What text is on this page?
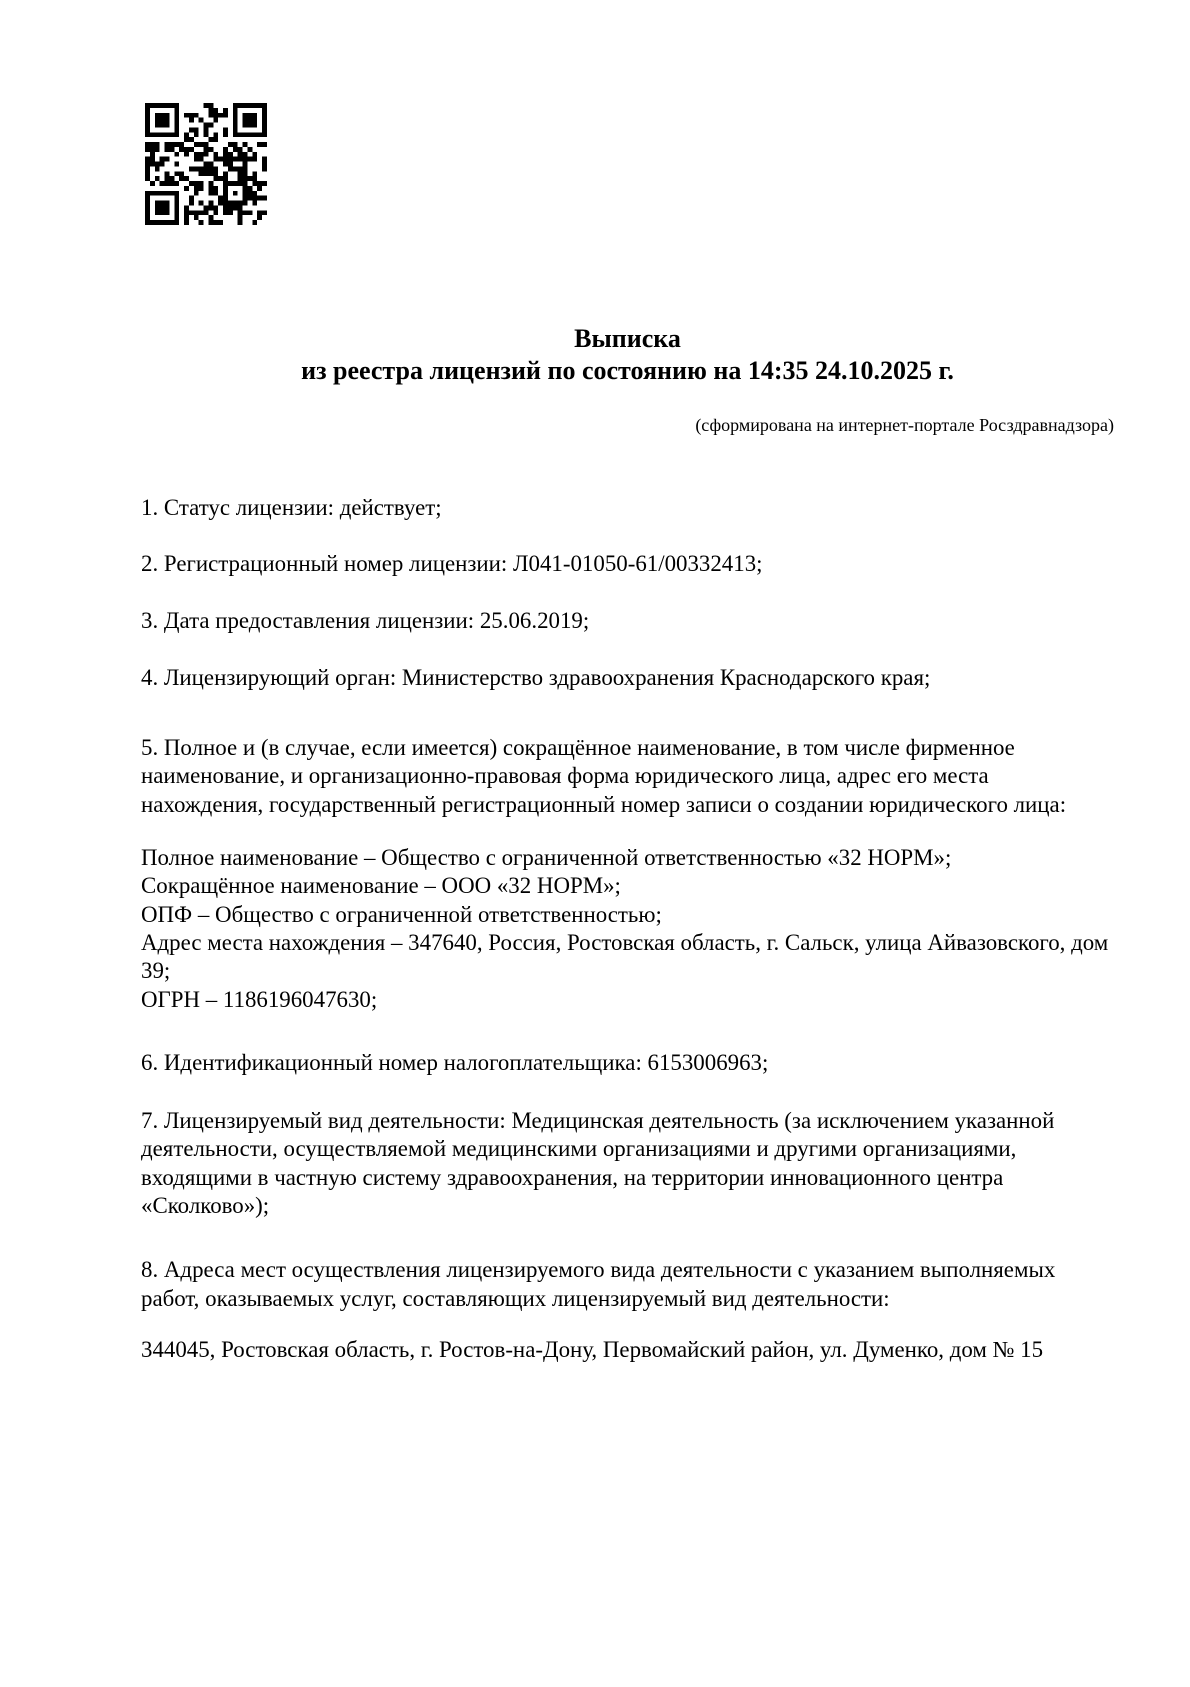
Выписка
из реестра лицензий по состоянию на 14:35 24.10.2025 г.
(сформирована на интернет-портале Росздравнадзора)

1. Статус лицензии: действует;

2. Регистрационный номер лицензии: Л041-01050-61/00332413;

3. Дата предоставления лицензии: 25.06.2019;

4. Лицензирующий орган: Министерство здравоохранения Краснодарского края;

5. Полное и (в случае, если имеется) сокращённое наименование, в том числе фирменное наименование, и организационно-правовая форма юридического лица, адрес его места нахождения, государственный регистрационный номер записи о создании юридического лица:

Полное наименование – Общество с ограниченной ответственностью «32 НОРМ»;
Сокращённое наименование – ООО «32 НОРМ»;
ОПФ – Общество с ограниченной ответственностью;
Адрес места нахождения – 347640, Россия, Ростовская область, г. Сальск, улица Айвазовского, дом 39;
ОГРН – 1186196047630;

6. Идентификационный номер налогоплательщика: 6153006963;

7. Лицензируемый вид деятельности: Медицинская деятельность (за исключением указанной деятельности, осуществляемой медицинскими организациями и другими организациями, входящими в частную систему здравоохранения, на территории инновационного центра «Сколково»);

8. Адреса мест осуществления лицензируемого вида деятельности с указанием выполняемых работ, оказываемых услуг, составляющих лицензируемый вид деятельности:

344045, Ростовская область, г. Ростов-на-Дону, Первомайский район, ул. Думенко, дом № 15
